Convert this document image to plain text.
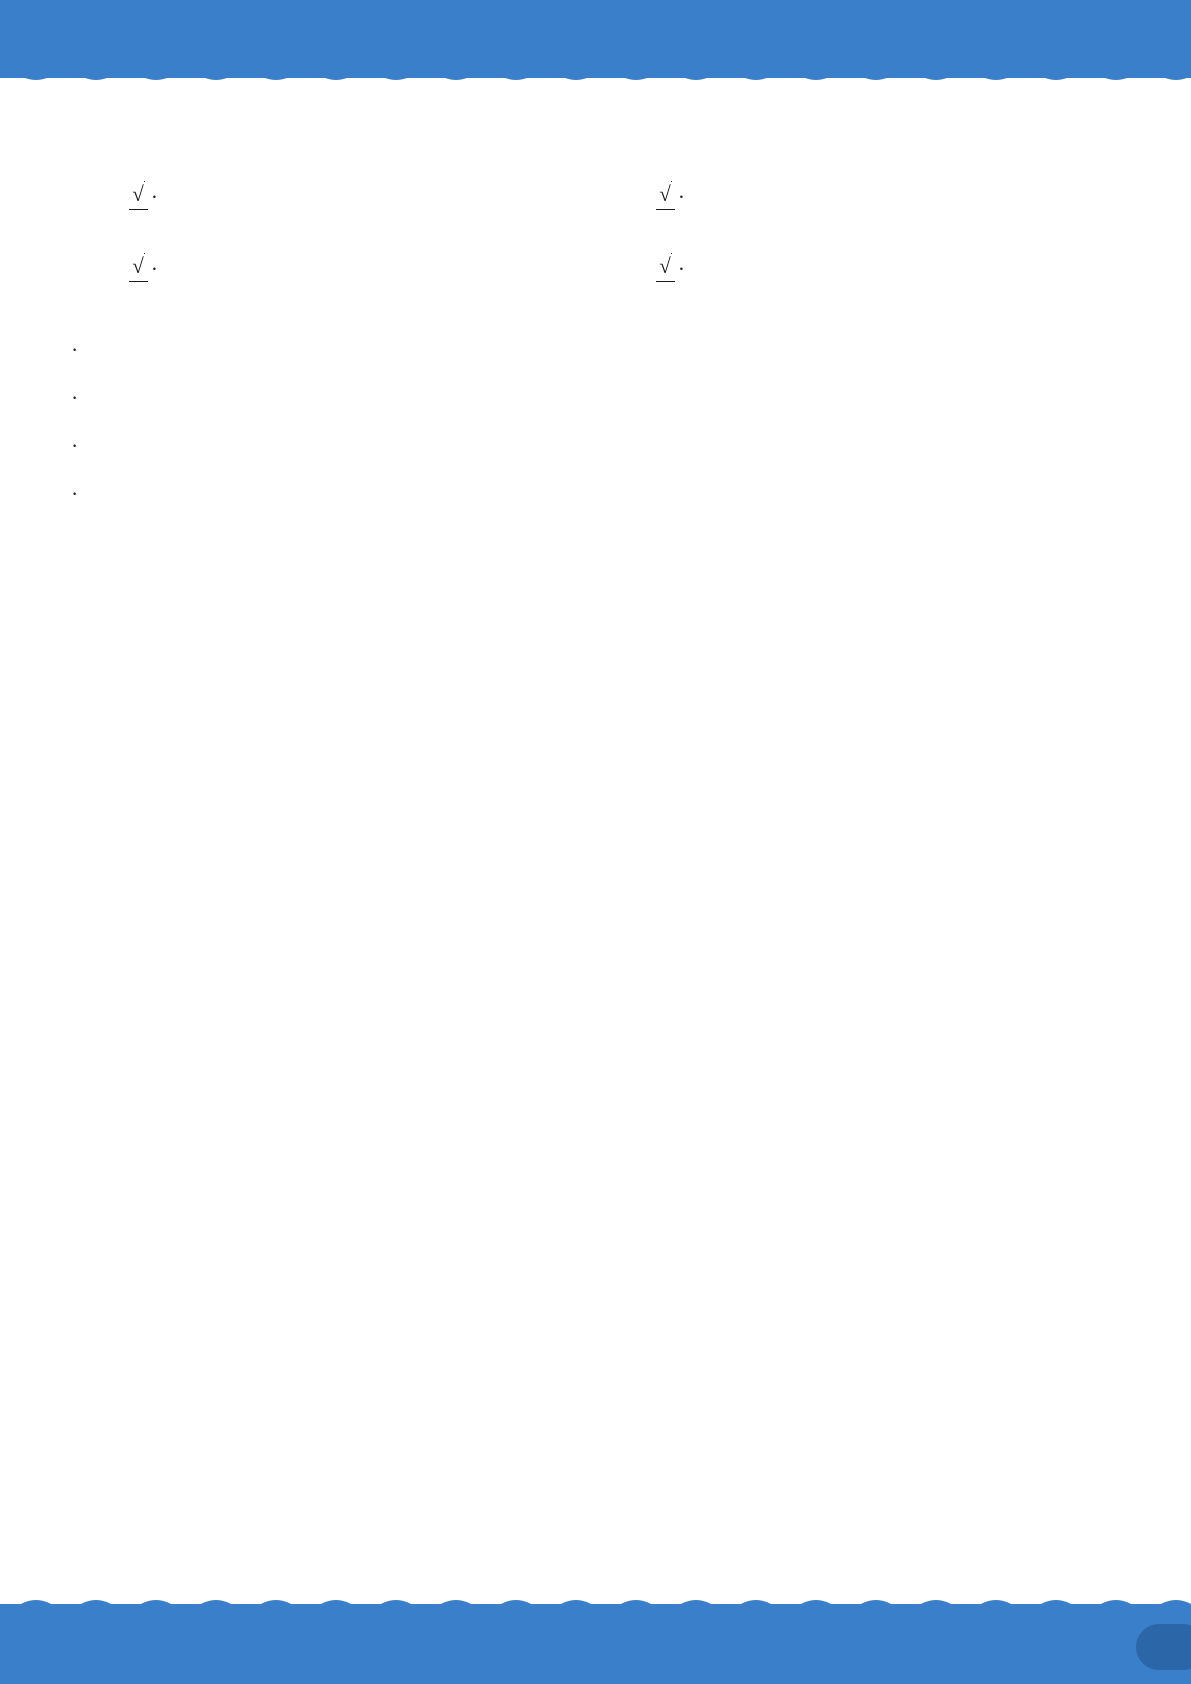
√ .
	√ .

√ .
	√ .
.
.
.
.
